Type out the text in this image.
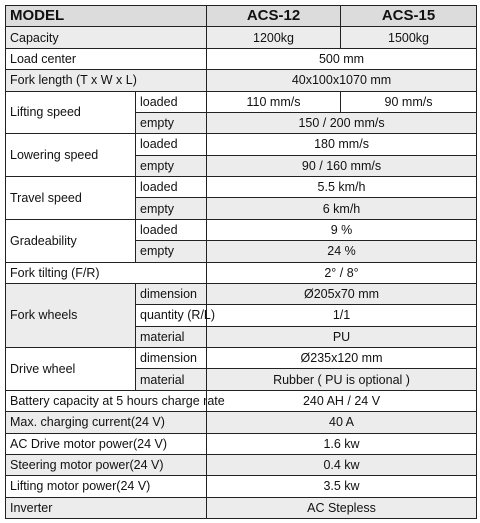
MODEL		ACS-12	ACS-15
Capacity		1200kg	1500kg
Load center		500 mm	
Fork length (T x W x L)		40x100x1070 mm	
Lifting speed	loaded	110 mm/s	90 mm/s
	empty	150 / 200 mm/s	
Lowering speed	loaded	180 mm/s	
	empty	90 / 160 mm/s	
Travel speed	loaded	5.5 km/h	
	empty	6 km/h	
Gradeability	loaded	9 %	
	empty	24 %	
Fork tilting (F/R)		2° / 8°	
Fork wheels	dimension	Ø205x70 mm	
	quantity (R/L)	1/1	
	material	PU	
Drive wheel	dimension	Ø235x120 mm	
	material	Rubber ( PU is optional )	
Battery capacity at 5 hours charge rate		240 AH / 24 V	
Max. charging current(24 V)		40 A	
AC Drive motor power(24 V)		1.6 kw	
Steering motor power(24 V)		0.4 kw	
Lifting motor power(24 V)		3.5 kw	
Inverter		AC Stepless	
